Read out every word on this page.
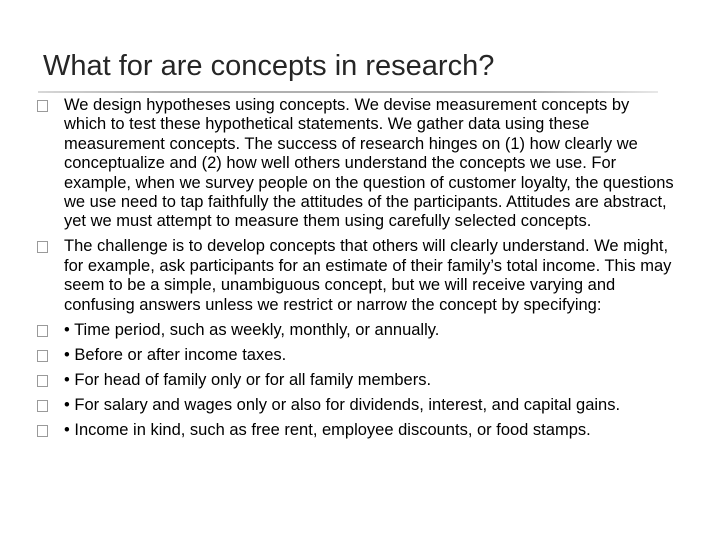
What for are concepts in research?
We design hypotheses using concepts. We devise measurement concepts by which to test these hypothetical statements. We gather data using these measurement concepts. The success of research hinges on (1) how clearly we conceptualize and (2) how well others understand the concepts we use. For example, when we survey people on the question of customer loyalty, the questions we use need to tap faithfully the attitudes of the participants. Attitudes are abstract, yet we must attempt to measure them using carefully selected concepts.
The challenge is to develop concepts that others will clearly understand. We might, for example, ask participants for an estimate of their family’s total income. This may seem to be a simple, unambiguous concept, but we will receive varying and confusing answers unless we restrict or narrow the concept by specifying:
• Time period, such as weekly, monthly, or annually.
• Before or after income taxes.
• For head of family only or for all family members.
• For salary and wages only or also for dividends, interest, and capital gains.
• Income in kind, such as free rent, employee discounts, or food stamps.
